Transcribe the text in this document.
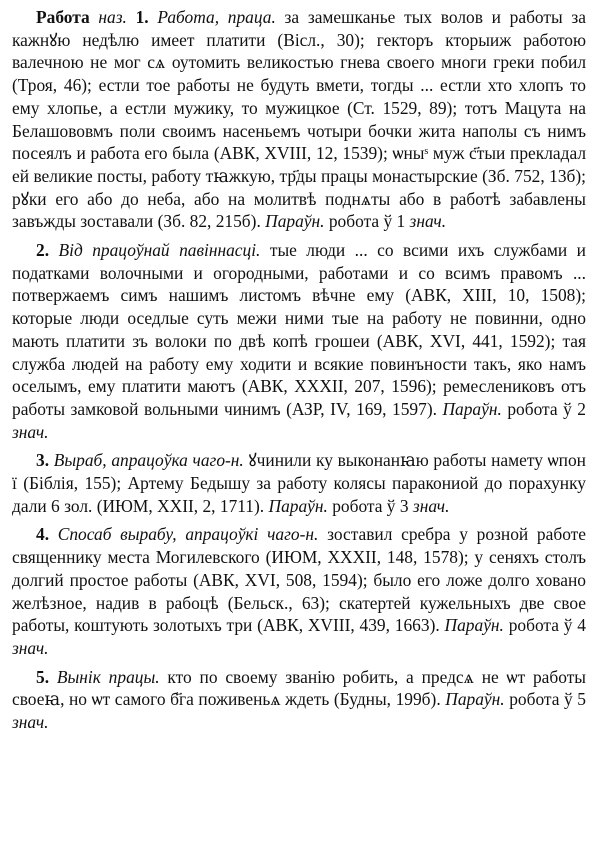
Работа наз. 1. Работа, праца. за замешканье тых волов и работы за кажнꙋю недѣлю имеет платити (Вісл., 30); гекторъ кторыиж работою валечною не мог сѧ оутомить великостью гнева своего многи греки побил (Троя, 46); естли тое работы не будуть вмети, тогды ... естли хто хлопъ то ему хлопье, а естли мужику, то мужицкое (Ст. 1529, 89); тотъ Мацута на Белашововмъ поли своимъ насеньемъ чотыри бочки жита наполы съ нимъ посеялъ и работа его была (АВК, XVIII, 12, 1539); ѡныˢ муж с҃тыи прекладал ей великие посты, работу тꙗжкую, тр҃ды працы монастырские (Зб. 752, 13б); рꙋки его або до неба, або на молитвѣ поднѧты або в работѣ забавлены завъжды зоставали (Зб. 82, 215б). Параўн. робота ў 1 знач.

2. Від працоўнай павіннасці. тые люди ... со всими ихъ службами и податками волочными и огородными, работами и со всимъ правомъ ... потвержаемъ симъ нашимъ листомъ вѣчне ему (АВК, XIII, 10, 1508); которые люди оседлые суть межи ними тые на работу не повинни, одно мають платити зъ волоки по двѣ копѣ грошеи (АВК, XVI, 441, 1592); тая служба людей на работу ему ходити и всякие повинъности такъ, яко намъ оселымъ, ему платити маютъ (АВК, XXXII, 207, 1596); ремеслениковъ отъ работы замковой вольными чинимъ (АЗР, IV, 169, 1597). Параўн. робота ў 2 знач.

3. Выраб, апрацоўка чаго-н. ꙋчинили ку выконанꙗю работы намету ѡпон ї (Біблія, 155); Артему Бедышу за работу колясы паракониой до порахунку дали 6 зол. (ИЮМ, XXII, 2, 1711). Параўн. робота ў 3 знач.

4. Спосаб вырабу, апрацоўкі чаго-н. зоставил сребра у розной работе священнику места Могилевского (ИЮМ, XXXII, 148, 1578); у сеняхъ столъ долгий простое работы (АВК, XVI, 508, 1594); было его ложе долго ховано желѣзное, надив в рабоцѣ (Бельск., 63); скатертей кужельныхъ две свое работы, коштують золотыхъ три (АВК, XVIII, 439, 1663). Параўн. робота ў 4 знач.

5. Вынік працы. кто по своему званію робить, а предсѧ не ѡт работы своеꙗ, но ѡт самого б҃га поживеньѧ ждеть (Будны, 199б). Параўн. робота ў 5 знач.
